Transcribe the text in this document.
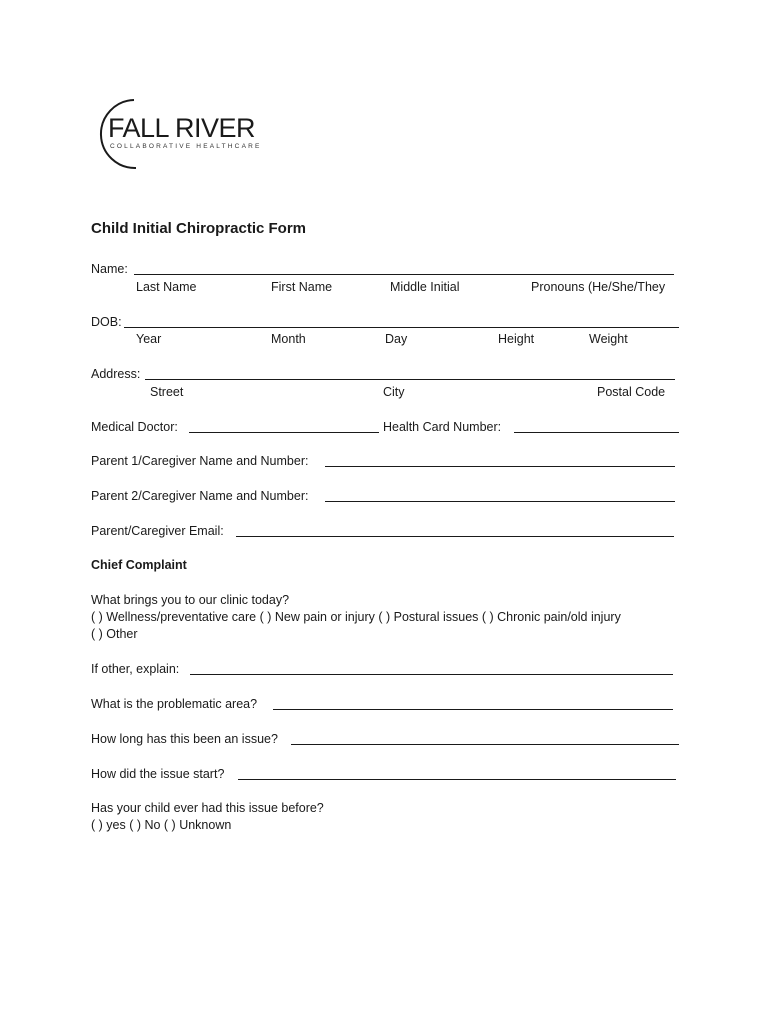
FALL RIVER
COLLABORATIVE HEALTHCARE
Child Initial Chiropractic Form
Name:
Last Name	First Name	Middle Initial	Pronouns (He/She/They
DOB:
Year	Month	Day	Height	Weight
Address:
Street	City	Postal Code
Medical Doctor:	Health Card Number:
Parent 1/Caregiver Name and Number:
Parent 2/Caregiver Name and Number:
Parent/Caregiver Email:
Chief Complaint
What brings you to our clinic today?
( ) Wellness/preventative care ( ) New pain or injury ( ) Postural issues ( ) Chronic pain/old injury
( ) Other
If other, explain:
What is the problematic area?
How long has this been an issue?
How did the issue start?
Has your child ever had this issue before?
( ) yes ( ) No ( ) Unknown
